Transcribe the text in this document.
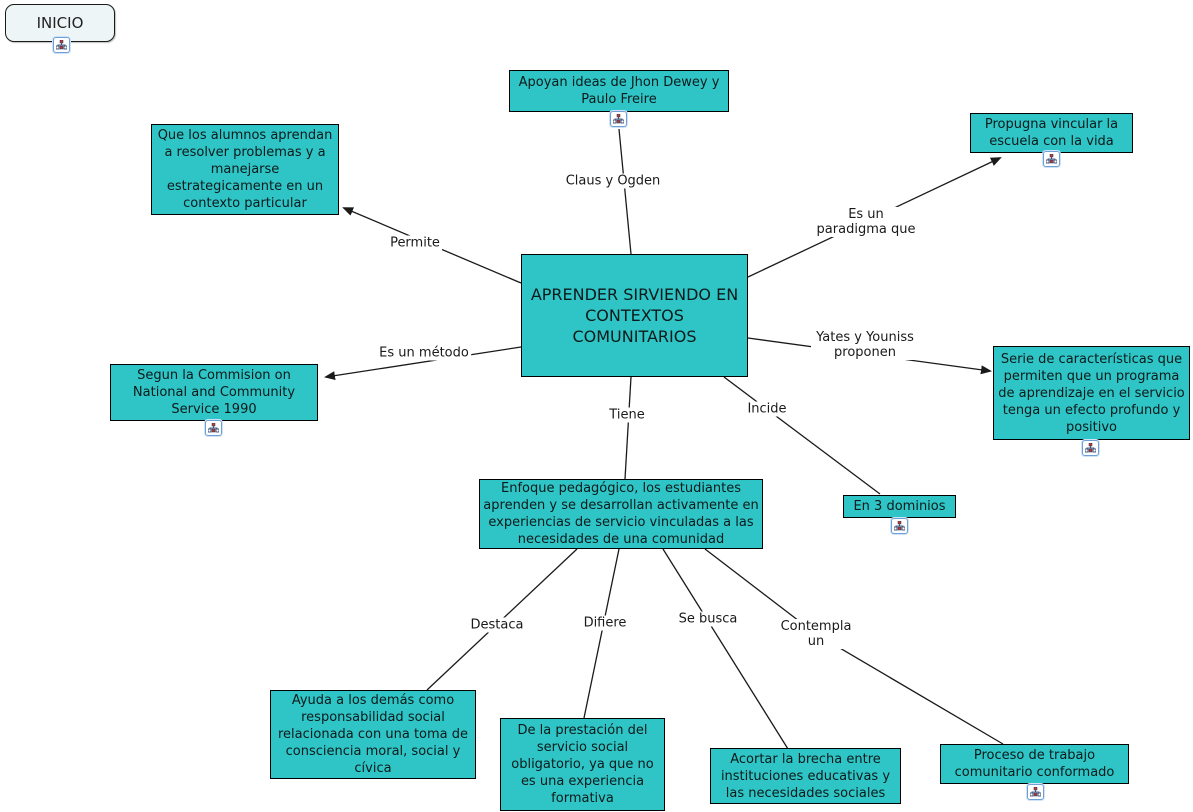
INICIO
APRENDER SIRVIENDO EN CONTEXTOS COMUNITARIOS
Apoyan ideas de Jhon Dewey y Paulo Freire
Que los alumnos aprendan a resolver problemas y a manejarse estrategicamente en un contexto particular
Propugna vincular la escuela con la vida
Segun la Commision on National and Community Service 1990
Serie de características que permiten que un programa de aprendizaje en el servicio tenga un efecto profundo y positivo
Enfoque pedagógico, los estudiantes aprenden y se desarrollan activamente en experiencias de servicio vinculadas a las necesidades de una comunidad
En 3 dominios
Ayuda a los demás como responsabilidad social relacionada con una toma de consciencia moral, social y cívica
De la prestación del servicio social obligatorio, ya que no es una experiencia formativa
Acortar la brecha entre instituciones educativas y las necesidades sociales
Proceso de trabajo comunitario conformado
Claus y Ogden
Permite
Es un paradigma que
Es un método
Yates y Youniss proponen
Tiene	Incide
Destaca	Difiere	Se busca	Contempla un
